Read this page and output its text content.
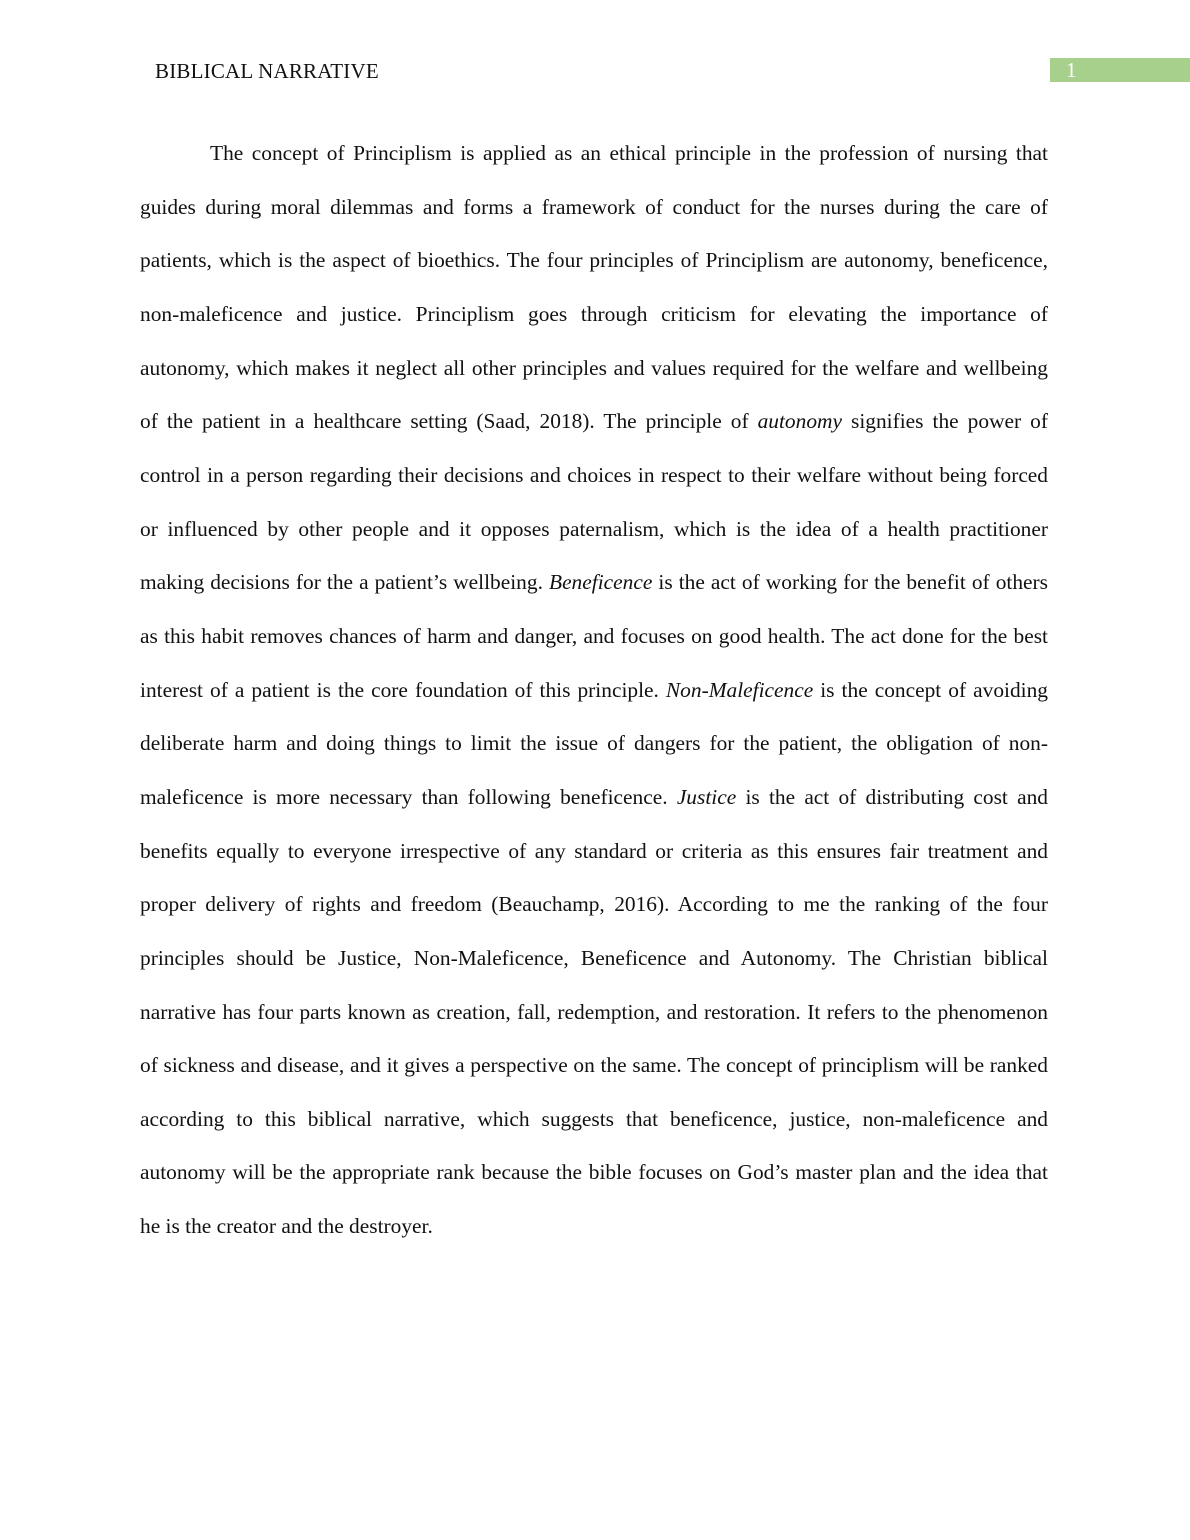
BIBLICAL NARRATIVE	1

The concept of Principlism is applied as an ethical principle in the profession of nursing that guides during moral dilemmas and forms a framework of conduct for the nurses during the care of patients, which is the aspect of bioethics. The four principles of Principlism are autonomy, beneficence, non-maleficence and justice. Principlism goes through criticism for elevating the importance of autonomy, which makes it neglect all other principles and values required for the welfare and wellbeing of the patient in a healthcare setting (Saad, 2018). The principle of autonomy signifies the power of control in a person regarding their decisions and choices in respect to their welfare without being forced or influenced by other people and it opposes paternalism, which is the idea of a health practitioner making decisions for the a patient’s wellbeing. Beneficence is the act of working for the benefit of others as this habit removes chances of harm and danger, and focuses on good health. The act done for the best interest of a patient is the core foundation of this principle. Non-Maleficence is the concept of avoiding deliberate harm and doing things to limit the issue of dangers for the patient, the obligation of non-maleficence is more necessary than following beneficence. Justice is the act of distributing cost and benefits equally to everyone irrespective of any standard or criteria as this ensures fair treatment and proper delivery of rights and freedom (Beauchamp, 2016). According to me the ranking of the four principles should be Justice, Non-Maleficence, Beneficence and Autonomy. The Christian biblical narrative has four parts known as creation, fall, redemption, and restoration. It refers to the phenomenon of sickness and disease, and it gives a perspective on the same. The concept of principlism will be ranked according to this biblical narrative, which suggests that beneficence, justice, non-maleficence and autonomy will be the appropriate rank because the bible focuses on God’s master plan and the idea that he is the creator and the destroyer.
